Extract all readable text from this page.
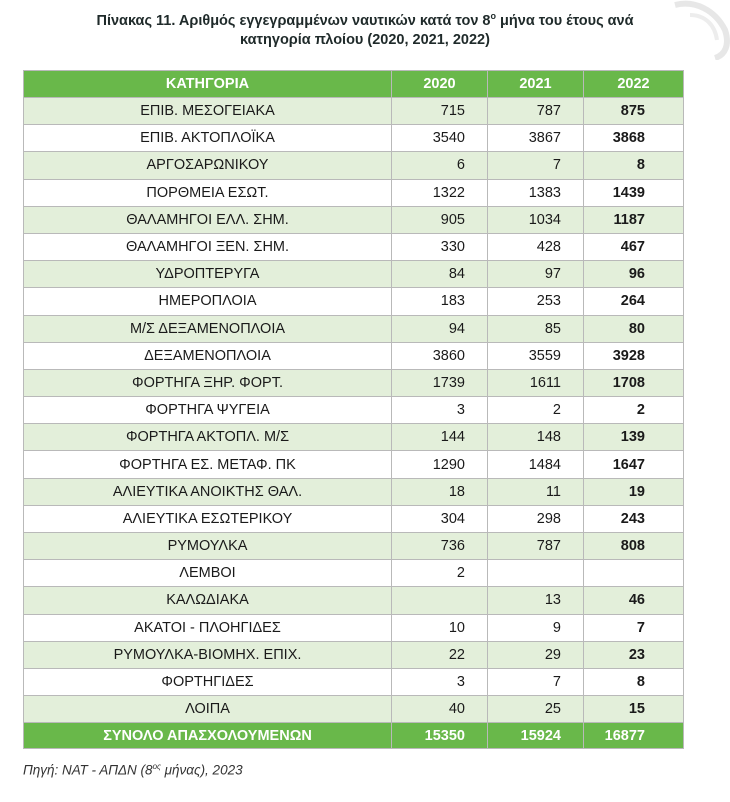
Πίνακας 11. Αριθμός εγγεγραμμένων ναυτικών κατά τον $8^o$ μήνα του έτους ανά
κατηγορία πλοίου (2020, 2021, 2022)
ΚΑΤΗΓΟΡΙΑ	2020	2021	2022
ΕΠΙΒ. ΜΕΣΟΓΕΙΑΚΑ	715	787	875
ΕΠΙΒ. ΑΚΤΟΠΛΟΪΚΑ	3540	3867	3868
ΑΡΓΟΣΑΡΩΝΙΚΟΥ	6	7	8
ΠΟΡΘΜΕΙΑ ΕΣΩΤ.	1322	1383	1439
ΘΑΛΑΜΗΓΟΙ ΕΛΛ. ΣΗΜ.	905	1034	1187
ΘΑΛΑΜΗΓΟΙ ΞΕΝ. ΣΗΜ.	330	428	467
ΥΔΡΟΠΤΕΡΥΓΑ	84	97	96
ΗΜΕΡΟΠΛΟΙΑ	183	253	264
Μ/Σ ΔΕΞΑΜΕΝΟΠΛΟΙΑ	94	85	80
ΔΕΞΑΜΕΝΟΠΛΟΙΑ	3860	3559	3928
ΦΟΡΤΗΓΑ ΞΗΡ. ΦΟΡΤ.	1739	1611	1708
ΦΟΡΤΗΓΑ ΨΥΓΕΙΑ	3	2	2
ΦΟΡΤΗΓΑ ΑΚΤΟΠΛ. Μ/Σ	144	148	139
ΦΟΡΤΗΓΑ ΕΣ. ΜΕΤΑΦ. ΠΚ	1290	1484	1647
ΑΛΙΕΥΤΙΚΑ ΑΝΟΙΚΤΗΣ ΘΑΛ.	18	11	19
ΑΛΙΕΥΤΙΚΑ ΕΣΩΤΕΡΙΚΟΥ	304	298	243
ΡΥΜΟΥΛΚΑ	736	787	808
ΛΕΜΒΟΙ	2		
ΚΑΛΩΔΙΑΚΑ		13	46
ΑΚΑΤΟΙ - ΠΛΟΗΓΙΔΕΣ	10	9	7
ΡΥΜΟΥΛΚΑ-ΒΙΟΜΗΧ. ΕΠΙΧ.	22	29	23
ΦΟΡΤΗΓΙΔΕΣ	3	7	8
ΛΟΙΠΑ	40	25	15
ΣΥΝΟΛΟ ΑΠΑΣΧΟΛΟΥΜΕΝΩΝ	15350	15924	16877
Πηγή: ΝΑΤ - ΑΠΔΝ ($8^{o\varsigma}$ μήνας), 2023
